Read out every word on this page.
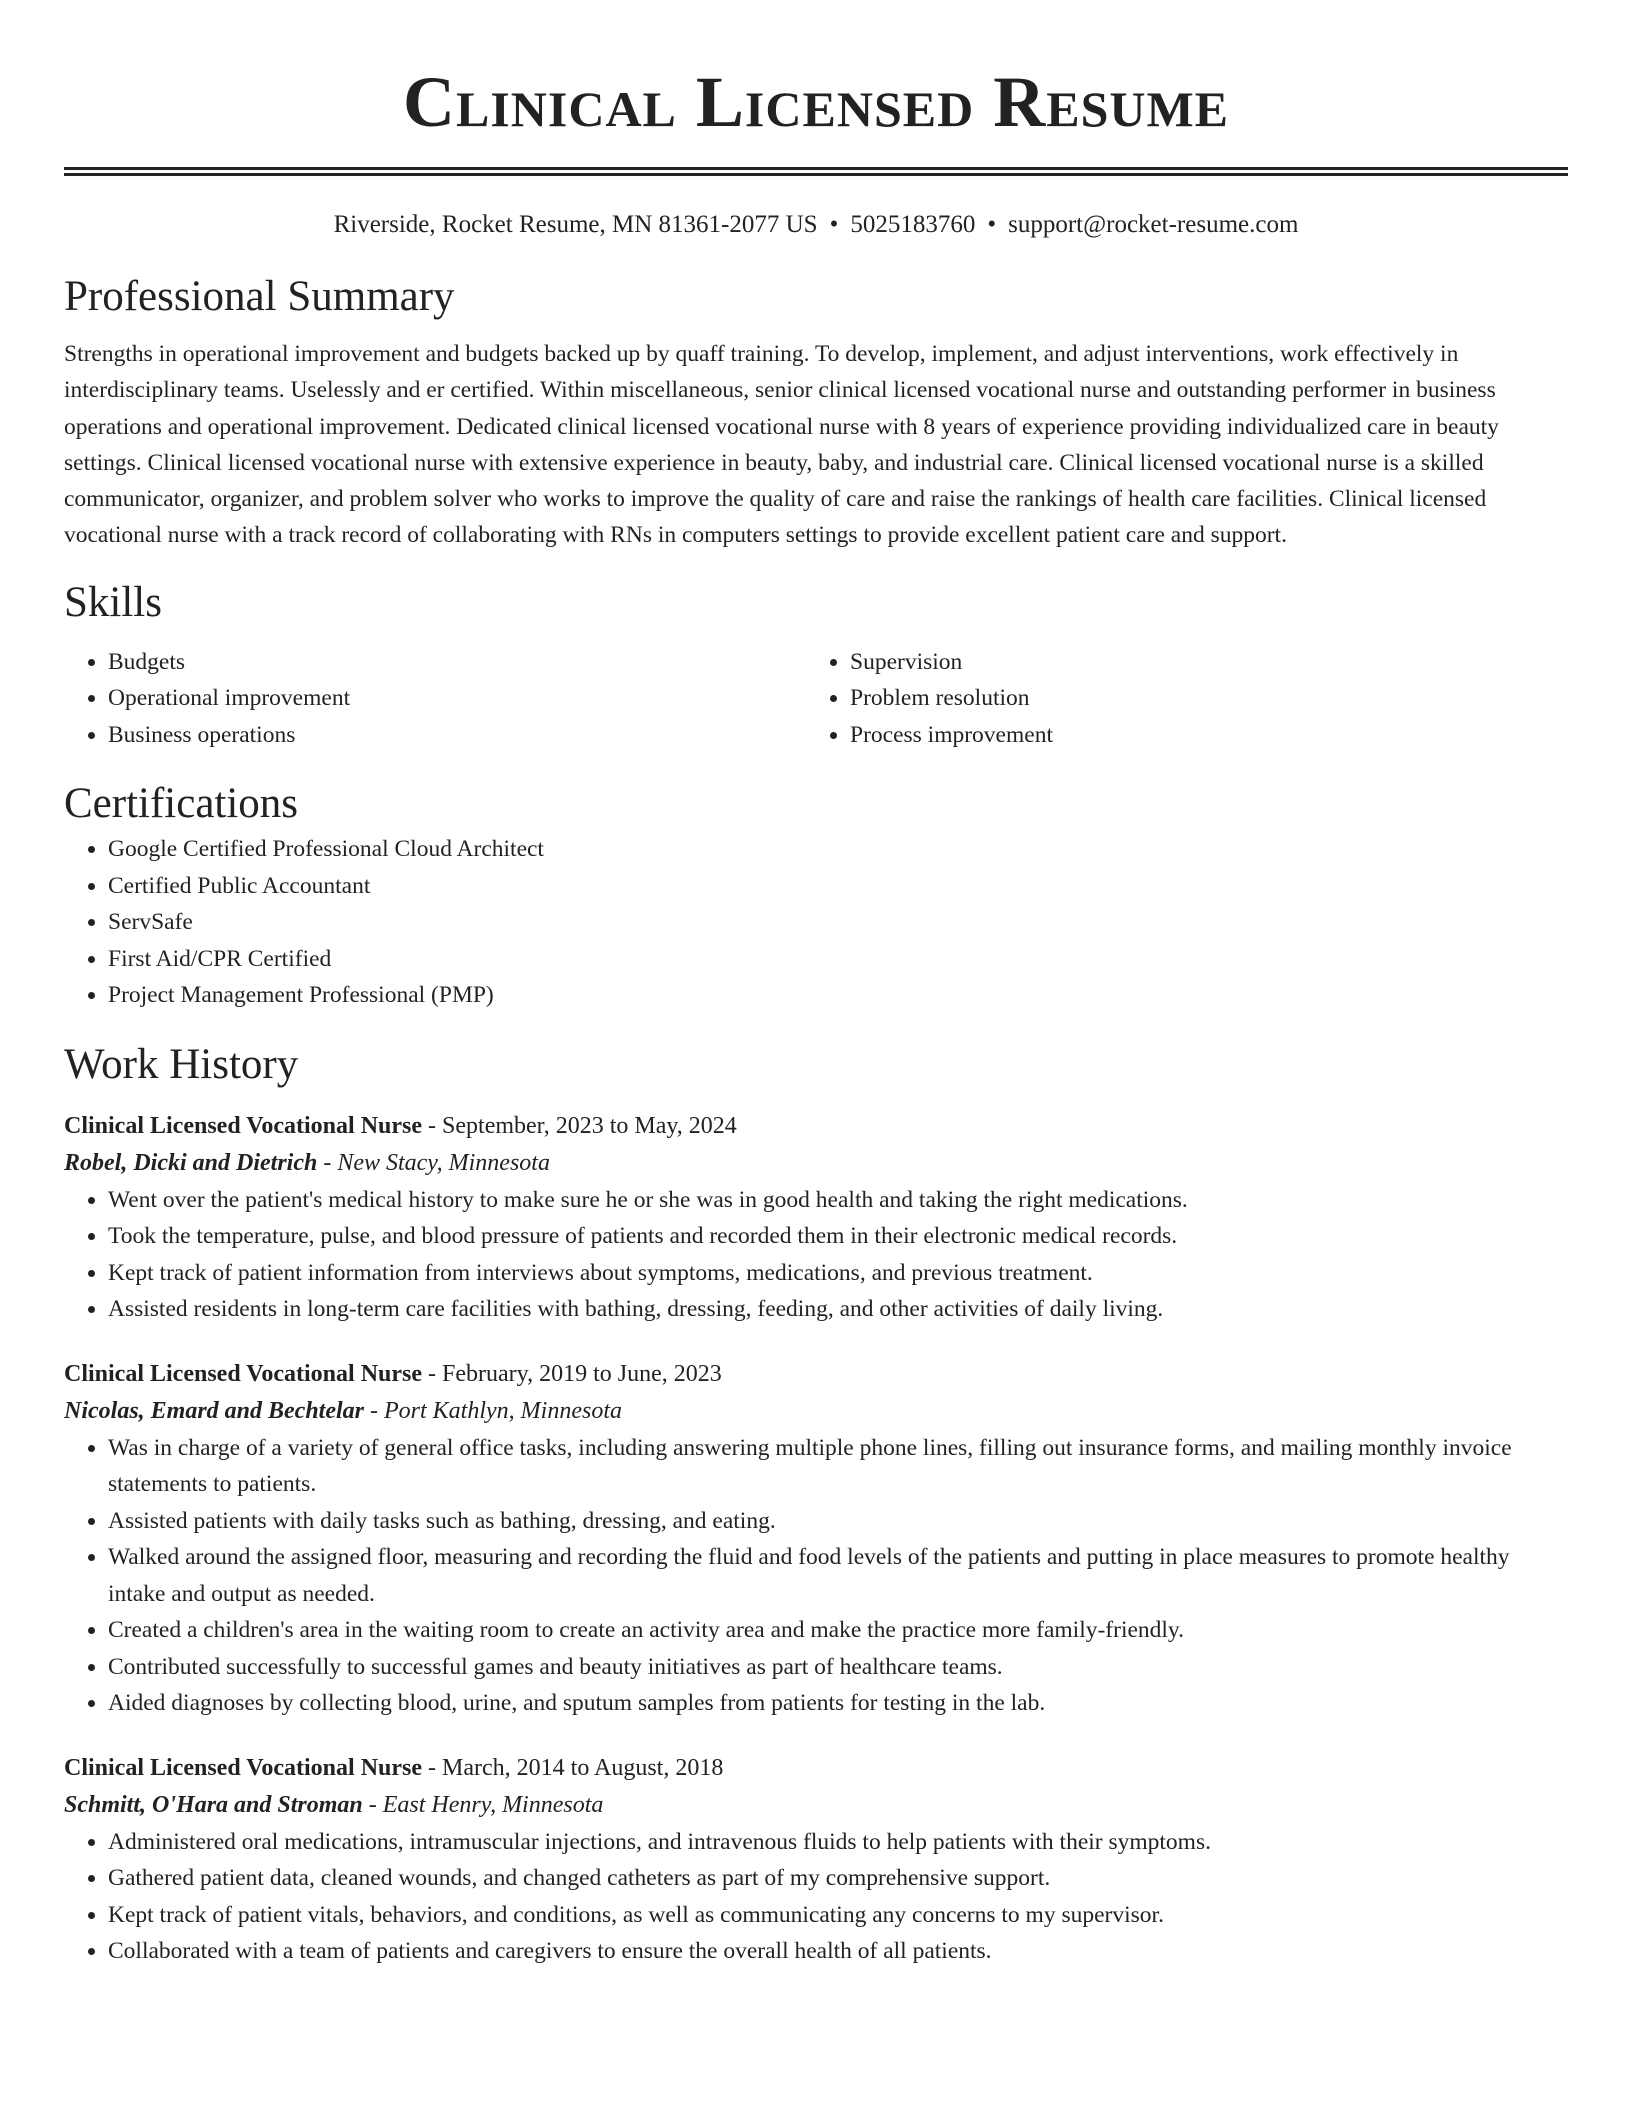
Clinical Licensed Resume
Riverside, Rocket Resume, MN 81361-2077 US • 5025183760 • support@rocket-resume.com
Professional Summary

Strengths in operational improvement and budgets backed up by quaff training. To develop, implement, and adjust interventions, work effectively in interdisciplinary teams. Uselessly and er certified. Within miscellaneous, senior clinical licensed vocational nurse and outstanding performer in business operations and operational improvement. Dedicated clinical licensed vocational nurse with 8 years of experience providing individualized care in beauty settings. Clinical licensed vocational nurse with extensive experience in beauty, baby, and industrial care. Clinical licensed vocational nurse is a skilled communicator, organizer, and problem solver who works to improve the quality of care and raise the rankings of health care facilities. Clinical licensed vocational nurse with a track record of collaborating with RNs in computers settings to provide excellent patient care and support.

Skills
• Budgets
• Operational improvement
• Business operations
• Supervision
• Problem resolution
• Process improvement
Certifications
• Google Certified Professional Cloud Architect
• Certified Public Accountant
• ServSafe
• First Aid/CPR Certified
• Project Management Professional (PMP)
Work History
Clinical Licensed Vocational Nurse - September, 2023 to May, 2024
Robel, Dicki and Dietrich - New Stacy, Minnesota
• Went over the patient's medical history to make sure he or she was in good health and taking the right medications.
• Took the temperature, pulse, and blood pressure of patients and recorded them in their electronic medical records.
• Kept track of patient information from interviews about symptoms, medications, and previous treatment.
• Assisted residents in long-term care facilities with bathing, dressing, feeding, and other activities of daily living.
Clinical Licensed Vocational Nurse - February, 2019 to June, 2023
Nicolas, Emard and Bechtelar - Port Kathlyn, Minnesota
• Was in charge of a variety of general office tasks, including answering multiple phone lines, filling out insurance forms, and mailing monthly invoice statements to patients.
• Assisted patients with daily tasks such as bathing, dressing, and eating.
• Walked around the assigned floor, measuring and recording the fluid and food levels of the patients and putting in place measures to promote healthy intake and output as needed.
• Created a children's area in the waiting room to create an activity area and make the practice more family-friendly.
• Contributed successfully to successful games and beauty initiatives as part of healthcare teams.
• Aided diagnoses by collecting blood, urine, and sputum samples from patients for testing in the lab.
Clinical Licensed Vocational Nurse - March, 2014 to August, 2018
Schmitt, O'Hara and Stroman - East Henry, Minnesota
• Administered oral medications, intramuscular injections, and intravenous fluids to help patients with their symptoms.
• Gathered patient data, cleaned wounds, and changed catheters as part of my comprehensive support.
• Kept track of patient vitals, behaviors, and conditions, as well as communicating any concerns to my supervisor.
• Collaborated with a team of patients and caregivers to ensure the overall health of all patients.
